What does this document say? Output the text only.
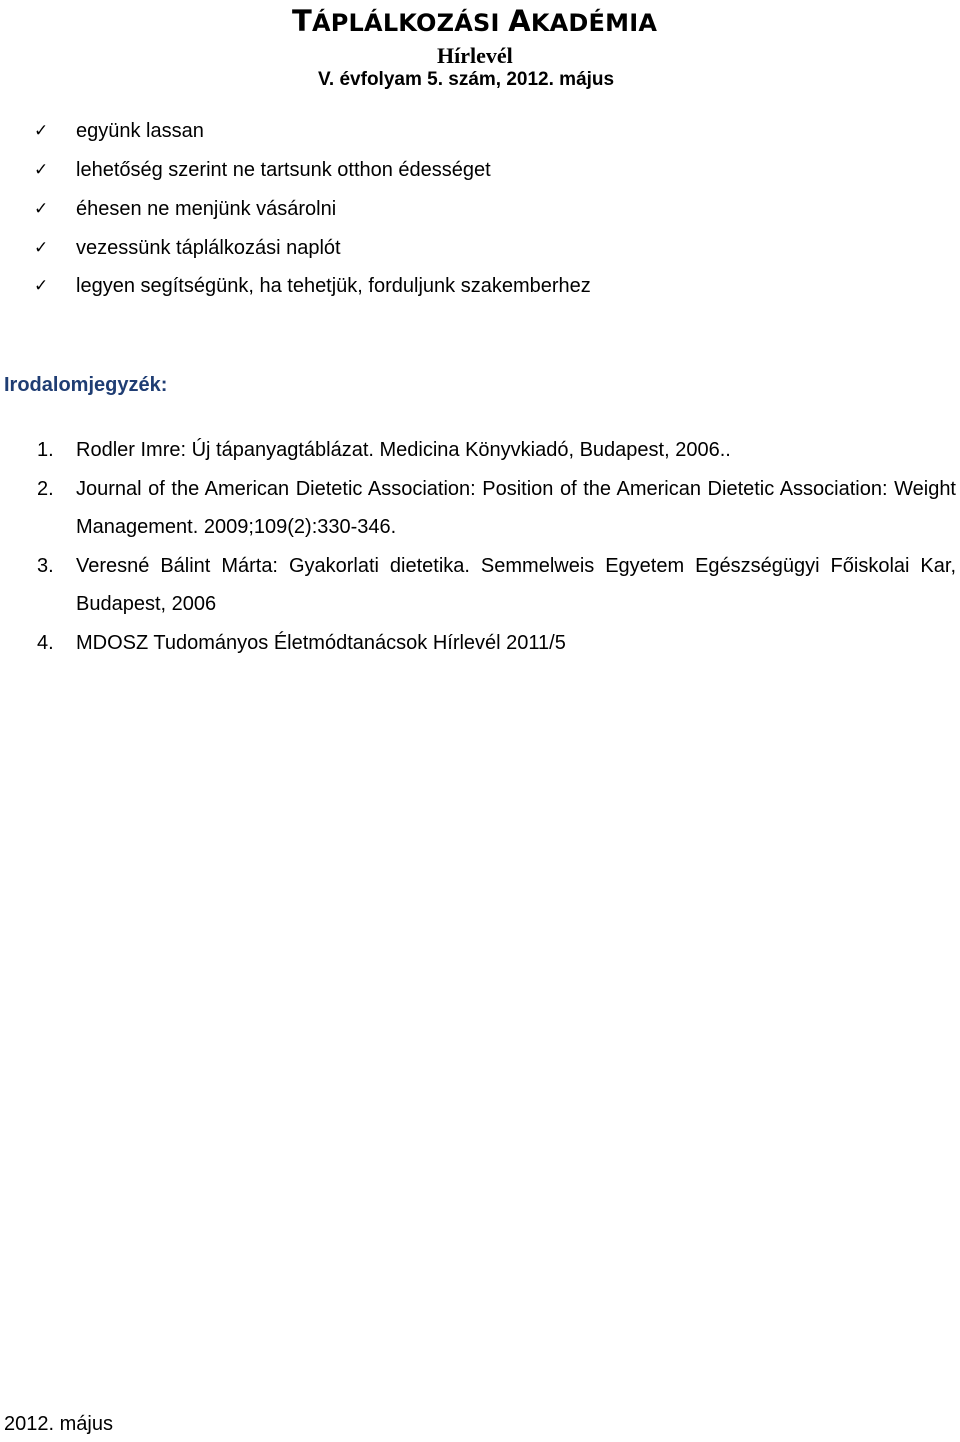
TÁPLÁLKOZÁSI AKADÉMIA
Hírlevél
V. évfolyam 5. szám, 2012. május
✓ együnk lassan
✓ lehetőség szerint ne tartsunk otthon édességet
✓ éhesen ne menjünk vásárolni
✓ vezessünk táplálkozási naplót
✓ legyen segítségünk, ha tehetjük, forduljunk szakemberhez
Irodalomjegyzék:
1. Rodler Imre: Új tápanyagtáblázat. Medicina Könyvkiadó, Budapest, 2006..
2. Journal of the American Dietetic Association: Position of the American Dietetic Association: Weight Management. 2009;109(2):330-346.
3. Veresné Bálint Márta: Gyakorlati dietetika. Semmelweis Egyetem Egészségügyi Főiskolai Kar, Budapest, 2006
4. MDOSZ Tudományos Életmódtanácsok Hírlevél 2011/5
2012. május
